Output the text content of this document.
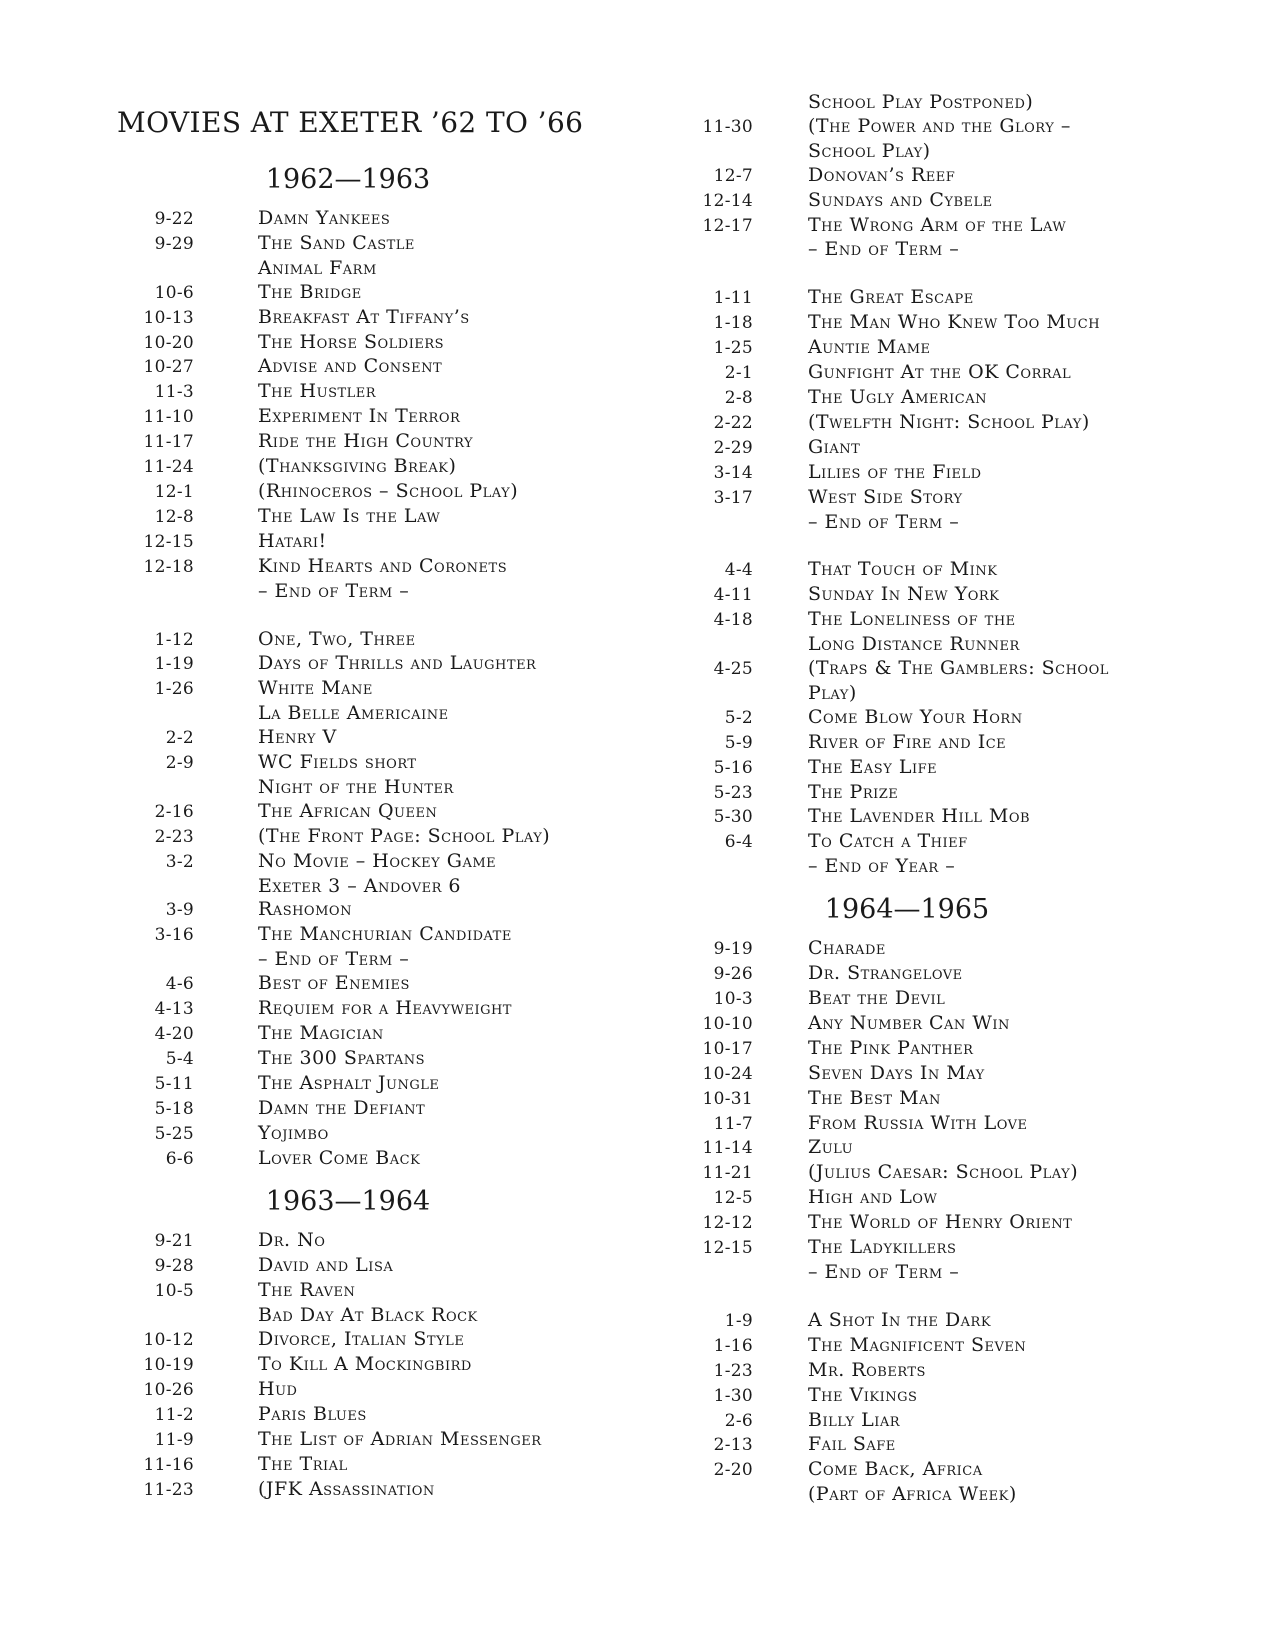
MOVIES AT EXETER ’62 TO ’66
1962—1963
9-22	Damn Yankees
9-29	The Sand Castle
Animal Farm
10-6	The Bridge
10-13	Breakfast At Tiffany’s
10-20	The Horse Soldiers
10-27	Advise and Consent
11-3	The Hustler
11-10	Experiment In Terror
11-17	Ride the High Country
11-24	(Thanksgiving Break)
12-1	(Rhinoceros – School Play)
12-8	The Law Is the Law
12-15	Hatari!
12-18	Kind Hearts and Coronets
– End of Term –
1-12	One, Two, Three
1-19	Days of Thrills and Laughter
1-26	White Mane
La Belle Americaine
2-2	Henry V
2-9	WC Fields short
Night of the Hunter
2-16	The African Queen
2-23	(The Front Page: School Play)
3-2	No Movie – Hockey Game
Exeter 3 – Andover 6
3-9	Rashomon
3-16	The Manchurian Candidate
– End of Term –
4-6	Best of Enemies
4-13	Requiem for a Heavyweight
4-20	The Magician
5-4	The 300 Spartans
5-11	The Asphalt Jungle
5-18	Damn the Defiant
5-25	Yojimbo
6-6	Lover Come Back
1963—1964
9-21	Dr. No
9-28	David and Lisa
10-5	The Raven
Bad Day At Black Rock
10-12	Divorce, Italian Style
10-19	To Kill A Mockingbird
10-26	Hud
11-2	Paris Blues
11-9	The List of Adrian Messenger
11-16	The Trial
11-23	(JFK Assassination
School Play Postponed)
11-30	(The Power and the Glory –
School Play)
12-7	Donovan’s Reef
12-14	Sundays and Cybele
12-17	The Wrong Arm of the Law
– End of Term –
1-11	The Great Escape
1-18	The Man Who Knew Too Much
1-25	Auntie Mame
2-1	Gunfight At the OK Corral
2-8	The Ugly American
2-22	(Twelfth Night: School Play)
2-29	Giant
3-14	Lilies of the Field
3-17	West Side Story
– End of Term –
4-4	That Touch of Mink
4-11	Sunday In New York
4-18	The Loneliness of the
Long Distance Runner
4-25	(Traps & The Gamblers: School
Play)
5-2	Come Blow Your Horn
5-9	River of Fire and Ice
5-16	The Easy Life
5-23	The Prize
5-30	The Lavender Hill Mob
6-4	To Catch a Thief
– End of Year –
1964—1965
9-19	Charade
9-26	Dr. Strangelove
10-3	Beat the Devil
10-10	Any Number Can Win
10-17	The Pink Panther
10-24	Seven Days In May
10-31	The Best Man
11-7	From Russia With Love
11-14	Zulu
11-21	(Julius Caesar: School Play)
12-5	High and Low
12-12	The World of Henry Orient
12-15	The Ladykillers
– End of Term –
1-9	A Shot In the Dark
1-16	The Magnificent Seven
1-23	Mr. Roberts
1-30	The Vikings
2-6	Billy Liar
2-13	Fail Safe
2-20	Come Back, Africa
(Part of Africa Week)
